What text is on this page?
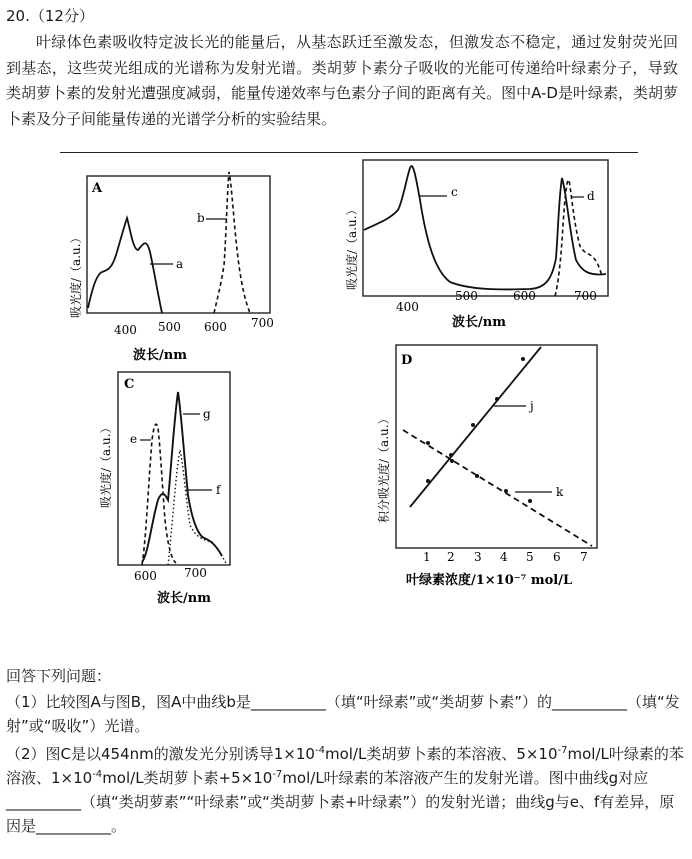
20.（12分）

叶绿体色素吸收特定波长光的能量后，从基态跃迁至激发态，但激发态不稳定，通过发射荧光回到基态，这些荧光组成的光谱称为发射光谱。类胡萝卜素分子吸收的光能可传递给叶绿素分子，导致类胡萝卜素的发射光遭强度减弱，能量传递效率与色素分子间的距离有关。图中A-D是叶绿素，类胡萝卜素及分子间能量传递的光谱学分析的实验结果。

A
吸光度/（a.u.）	a
b
400 500 600 700
波长/nm
吸光度/（a.u.）
c	d
400
500	600	700
波长/nm
C
吸光度/（a.u.） e
g
f
600 700
波长/nm
D
积分吸光度/（a.u.）
j
k
1 2 3 4 5 6 7
叶绿素浓度/1×10⁻⁷ mol/L

回答下列问题：

（1）比较图A与图B，图A中曲线b是__________（填“叶绿素”或“类胡萝卜素”）的__________（填“发射”或“吸收”）光谱。

（2）图C是以454nm的激发光分别诱导$1\times 10^{-4}mol/L$类胡萝卜素的苯溶液、$5\times 10^{-7}mol/L$叶绿素的苯溶液、$1\times 10^{-4}mol/L$类胡萝卜素$+5\times 10^{-7}mol/L$叶绿素的苯溶液产生的发射光谱。图中曲线g对应__________（填“类胡萝素”“叶绿素”或“类胡萝卜素+叶绿素”）的发射光谱；曲线g与e、f有差异，原因是__________。
